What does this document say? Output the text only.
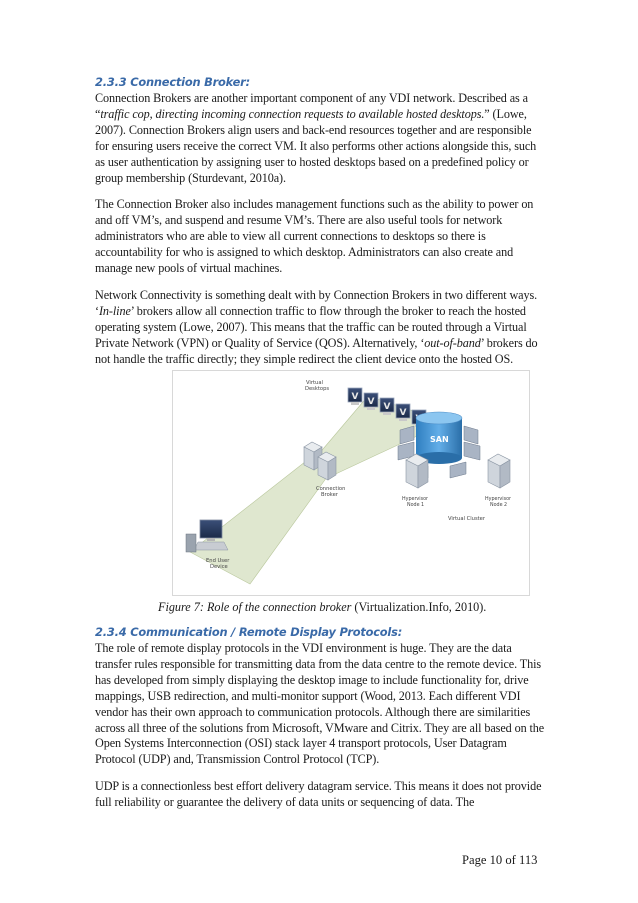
2.3.3 Connection Broker:

Connection Brokers are another important component of any VDI network. Described as a “traffic cop, directing incoming connection requests to available hosted desktops.” (Lowe, 2007). Connection Brokers align users and back-end resources together and are responsible for ensuring users receive the correct VM. It also performs other actions alongside this, such as user authentication by assigning user to hosted desktops based on a predefined policy or group membership (Sturdevant, 2010a).

The Connection Broker also includes management functions such as the ability to power on and off VM’s, and suspend and resume VM’s. There are also useful tools for network administrators who are able to view all current connections to desktops so there is accountability for who is assigned to which desktop. Administrators can also create and manage new pools of virtual machines.

Network Connectivity is something dealt with by Connection Brokers in two different ways. ‘In-line’ brokers allow all connection traffic to flow through the broker to reach the hosted operating system (Lowe, 2007). This means that the traffic can be routed through a Virtual Private Network (VPN) or Quality of Service (QOS). Alternatively, ‘out-of-band’ brokers do not handle the traffic directly; they simple redirect the client device onto the hosted OS.

Virtual
Desktops
V V V
V
SAN
Hypervisor
Node 1
Hypervisor
Node 2
Virtual Cluster
Connection
Broker
End User
Device
Figure 7: Role of the connection broker (Virtualization.Info, 2010).
2.3.4 Communication / Remote Display Protocols:

The role of remote display protocols in the VDI environment is huge. They are the data transfer rules responsible for transmitting data from the data centre to the remote device. This has developed from simply displaying the desktop image to include functionality for, drive mappings, USB redirection, and multi-monitor support (Wood, 2013. Each different VDI vendor has their own approach to communication protocols. Although there are similarities across all three of the solutions from Microsoft, VMware and Citrix. They are all based on the Open Systems Interconnection (OSI) stack layer 4 transport protocols, User Datagram Protocol (UDP) and, Transmission Control Protocol (TCP).

UDP is a connectionless best effort delivery datagram service. This means it does not provide full reliability or guarantee the delivery of data units or sequencing of data. The

Page 10 of 113
